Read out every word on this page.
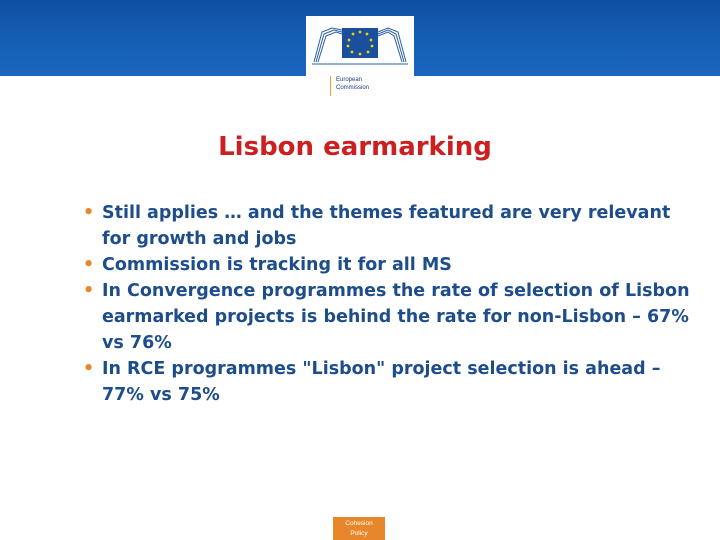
European
Commission
Lisbon earmarking
• Still applies … and the themes featured are very relevant for growth and jobs
• Commission is tracking it for all MS
• In Convergence programmes the rate of selection of Lisbon earmarked projects is behind the rate for non-Lisbon – 67% vs 76%
• In RCE programmes "Lisbon" project selection is ahead – 77% vs 75%
Cohesion
Policy
